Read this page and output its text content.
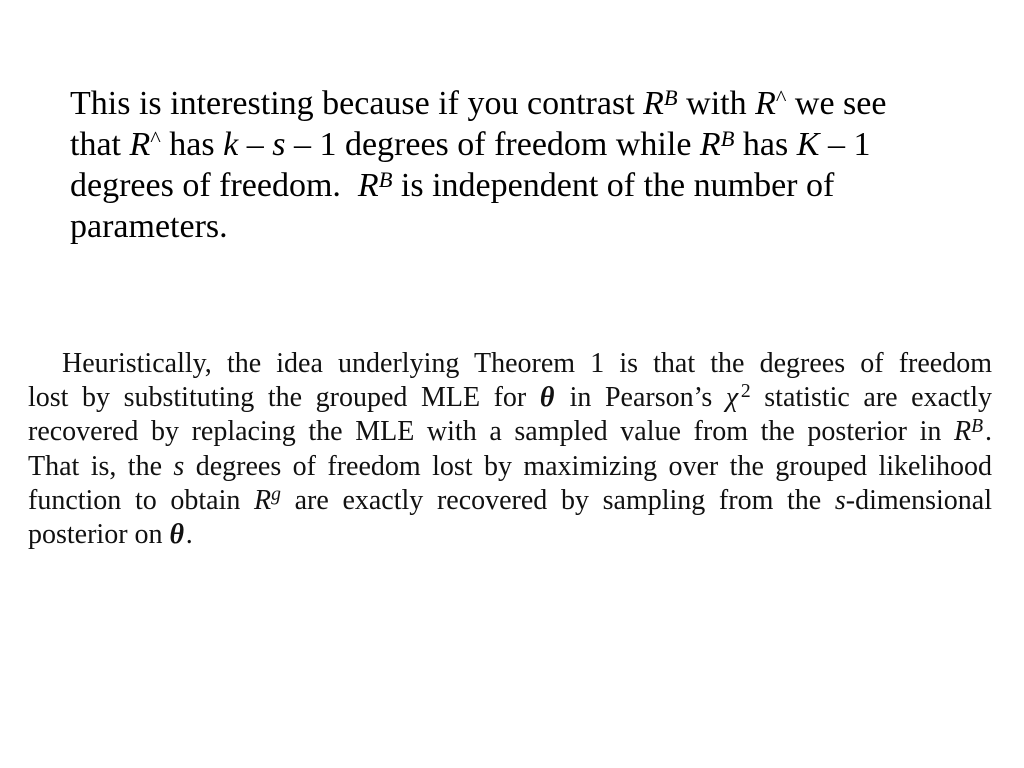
This is interesting because if you contrast $R^B$ with R^ we see
that R^ has k – s – 1 degrees of freedom while $R^B$ has K – 1
degrees of freedom.  $R^B$ is independent of the number of
parameters.
Heuristically, the idea underlying Theorem 1 is that the degrees of freedom
lost by substituting the grouped MLE for θ in Pearson’s χ $^2$ statistic are exactly
recovered by replacing the MLE with a sampled value from the posterior in $R^B$.
That is, the s degrees of freedom lost by maximizing over the grouped likelihood
function to obtain $R^g$ are exactly recovered by sampling from the s-dimensional
posterior on θ.
